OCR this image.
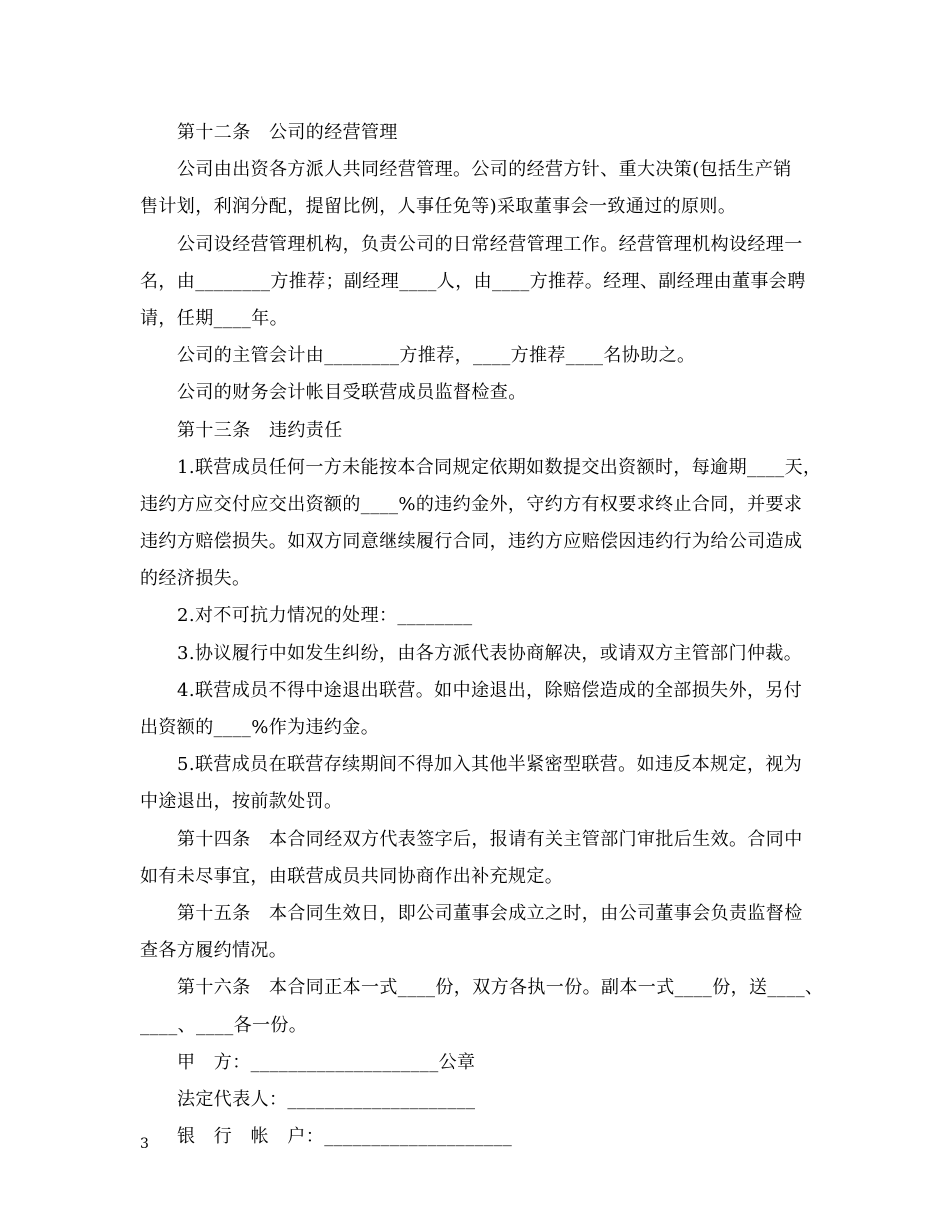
第十二条　公司的经营管理
公司由出资各方派人共同经营管理。公司的经营方针、重大决策(包括生产销
售计划，利润分配，提留比例，人事任免等)采取董事会一致通过的原则。
公司设经营管理机构，负责公司的日常经营管理工作。经营管理机构设经理一
名，由________方推荐；副经理____人，由____方推荐。经理、副经理由董事会聘
请，任期____年。
公司的主管会计由________方推荐，____方推荐____名协助之。
公司的财务会计帐目受联营成员监督检查。
第十三条　违约责任
1.联营成员任何一方未能按本合同规定依期如数提交出资额时，每逾期____天，
违约方应交付应交出资额的____%的违约金外，守约方有权要求终止合同，并要求
违约方赔偿损失。如双方同意继续履行合同，违约方应赔偿因违约行为给公司造成
的经济损失。
2.对不可抗力情况的处理：________
3.协议履行中如发生纠纷，由各方派代表协商解决，或请双方主管部门仲裁。
4.联营成员不得中途退出联营。如中途退出，除赔偿造成的全部损失外，另付
出资额的____%作为违约金。
5.联营成员在联营存续期间不得加入其他半紧密型联营。如违反本规定，视为
中途退出，按前款处罚。
第十四条　本合同经双方代表签字后，报请有关主管部门审批后生效。合同中
如有未尽事宜，由联营成员共同协商作出补充规定。
第十五条　本合同生效日，即公司董事会成立之时，由公司董事会负责监督检
查各方履约情况。
第十六条　本合同正本一式____份，双方各执一份。副本一式____份，送____、
____、____各一份。
甲　方：____________________公章
法定代表人：____________________
银　行　帐　户：____________________
3
